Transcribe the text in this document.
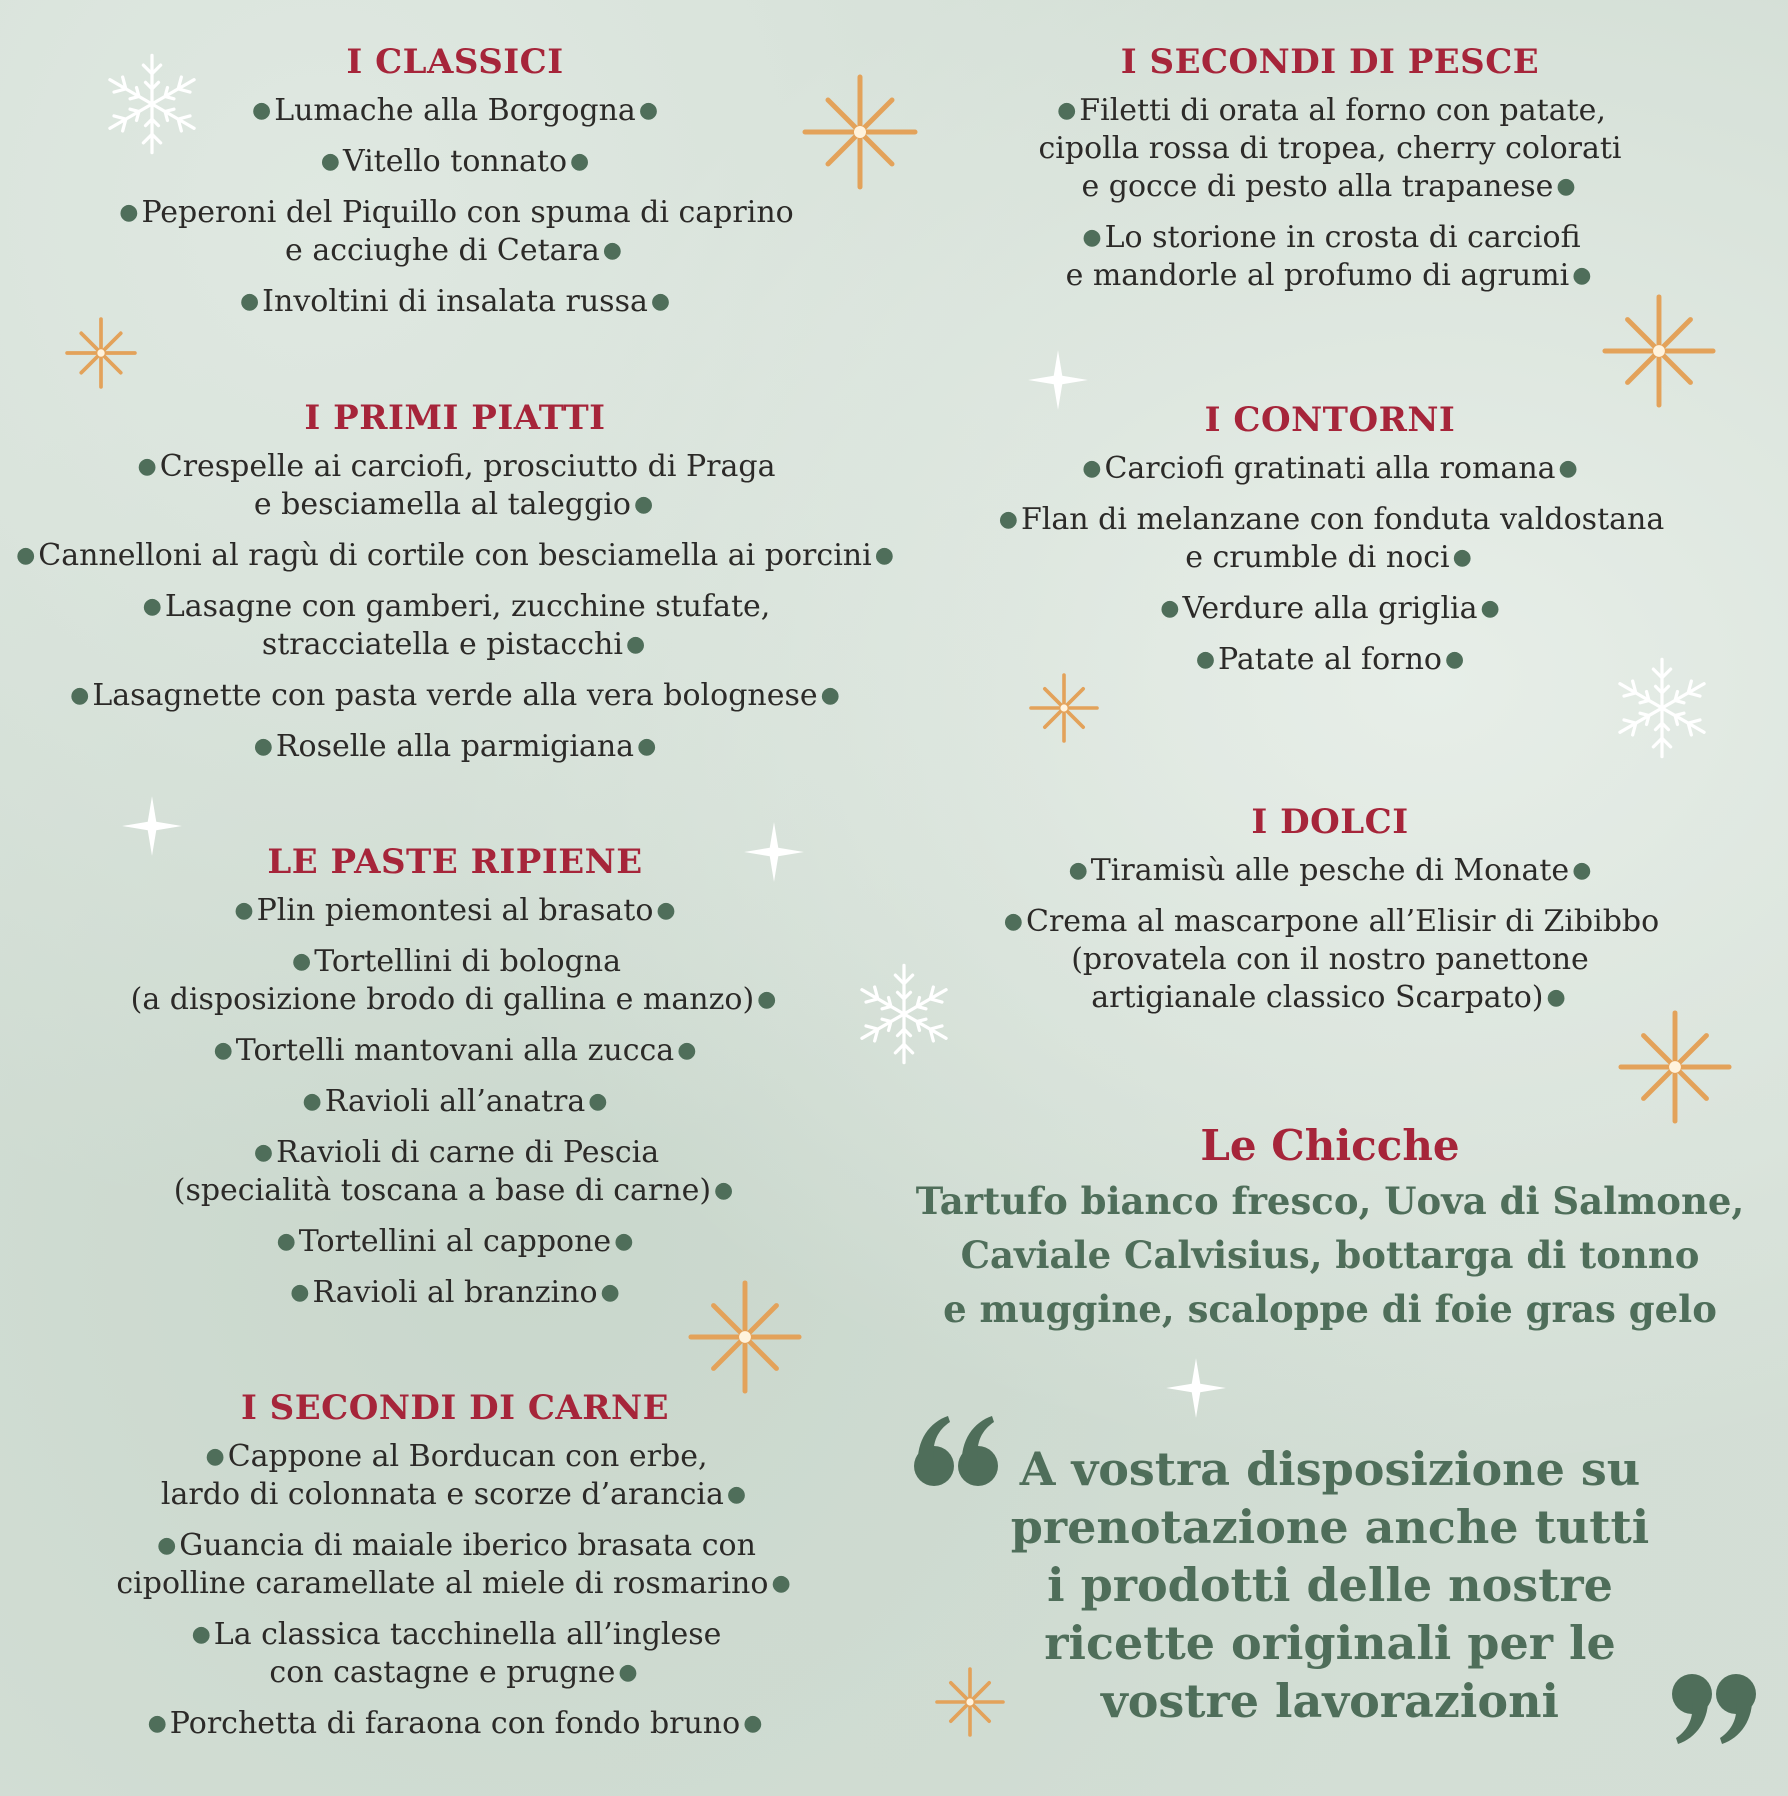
I CLASSICI
● Lumache alla Borgogna ●
● Vitello tonnato ●
● Peperoni del Piquillo con spuma di caprino
e acciughe di Cetara ●
● Involtini di insalata russa ●
I PRIMI PIATTI
● Crespelle ai carciofi, prosciutto di Praga
e besciamella al taleggio ●
● Cannelloni al ragù di cortile con besciamella ai porcini ●
● Lasagne con gamberi, zucchine stufate,
stracciatella e pistacchi ●
● Lasagnette con pasta verde alla vera bolognese ●
● Roselle alla parmigiana ●
LE PASTE RIPIENE
● Plin piemontesi al brasato ●
● Tortellini di bologna
(a disposizione brodo di gallina e manzo) ●
● Tortelli mantovani alla zucca ●
● Ravioli all’anatra ●
● Ravioli di carne di Pescia
(specialità toscana a base di carne) ●
● Tortellini al cappone ●
● Ravioli al branzino ●
I SECONDI DI CARNE
● Cappone al Borducan con erbe,
lardo di colonnata e scorze d’arancia ●
● Guancia di maiale iberico brasata con
cipolline caramellate al miele di rosmarino ●
● La classica tacchinella all’inglese
con castagne e prugne ●
● Porchetta di faraona con fondo bruno ●
I SECONDI DI PESCE
● Filetti di orata al forno con patate,
cipolla rossa di tropea, cherry colorati
e gocce di pesto alla trapanese ●
● Lo storione in crosta di carciofi
e mandorle al profumo di agrumi ●
I CONTORNI
● Carciofi gratinati alla romana ●
● Flan di melanzane con fonduta valdostana
e crumble di noci ●
● Verdure alla griglia ●
● Patate al forno ●
I DOLCI
● Tiramisù alle pesche di Monate ●
● Crema al mascarpone all’Elisir di Zibibbo
(provatela con il nostro panettone
artigianale classico Scarpato) ●
Le Chicche
Tartufo bianco fresco, Uova di Salmone,
Caviale Calvisius, bottarga di tonno
e muggine, scaloppe di foie gras gelo
A vostra disposizione su
prenotazione anche tutti
i prodotti delle nostre
ricette originali per le
vostre lavorazioni
